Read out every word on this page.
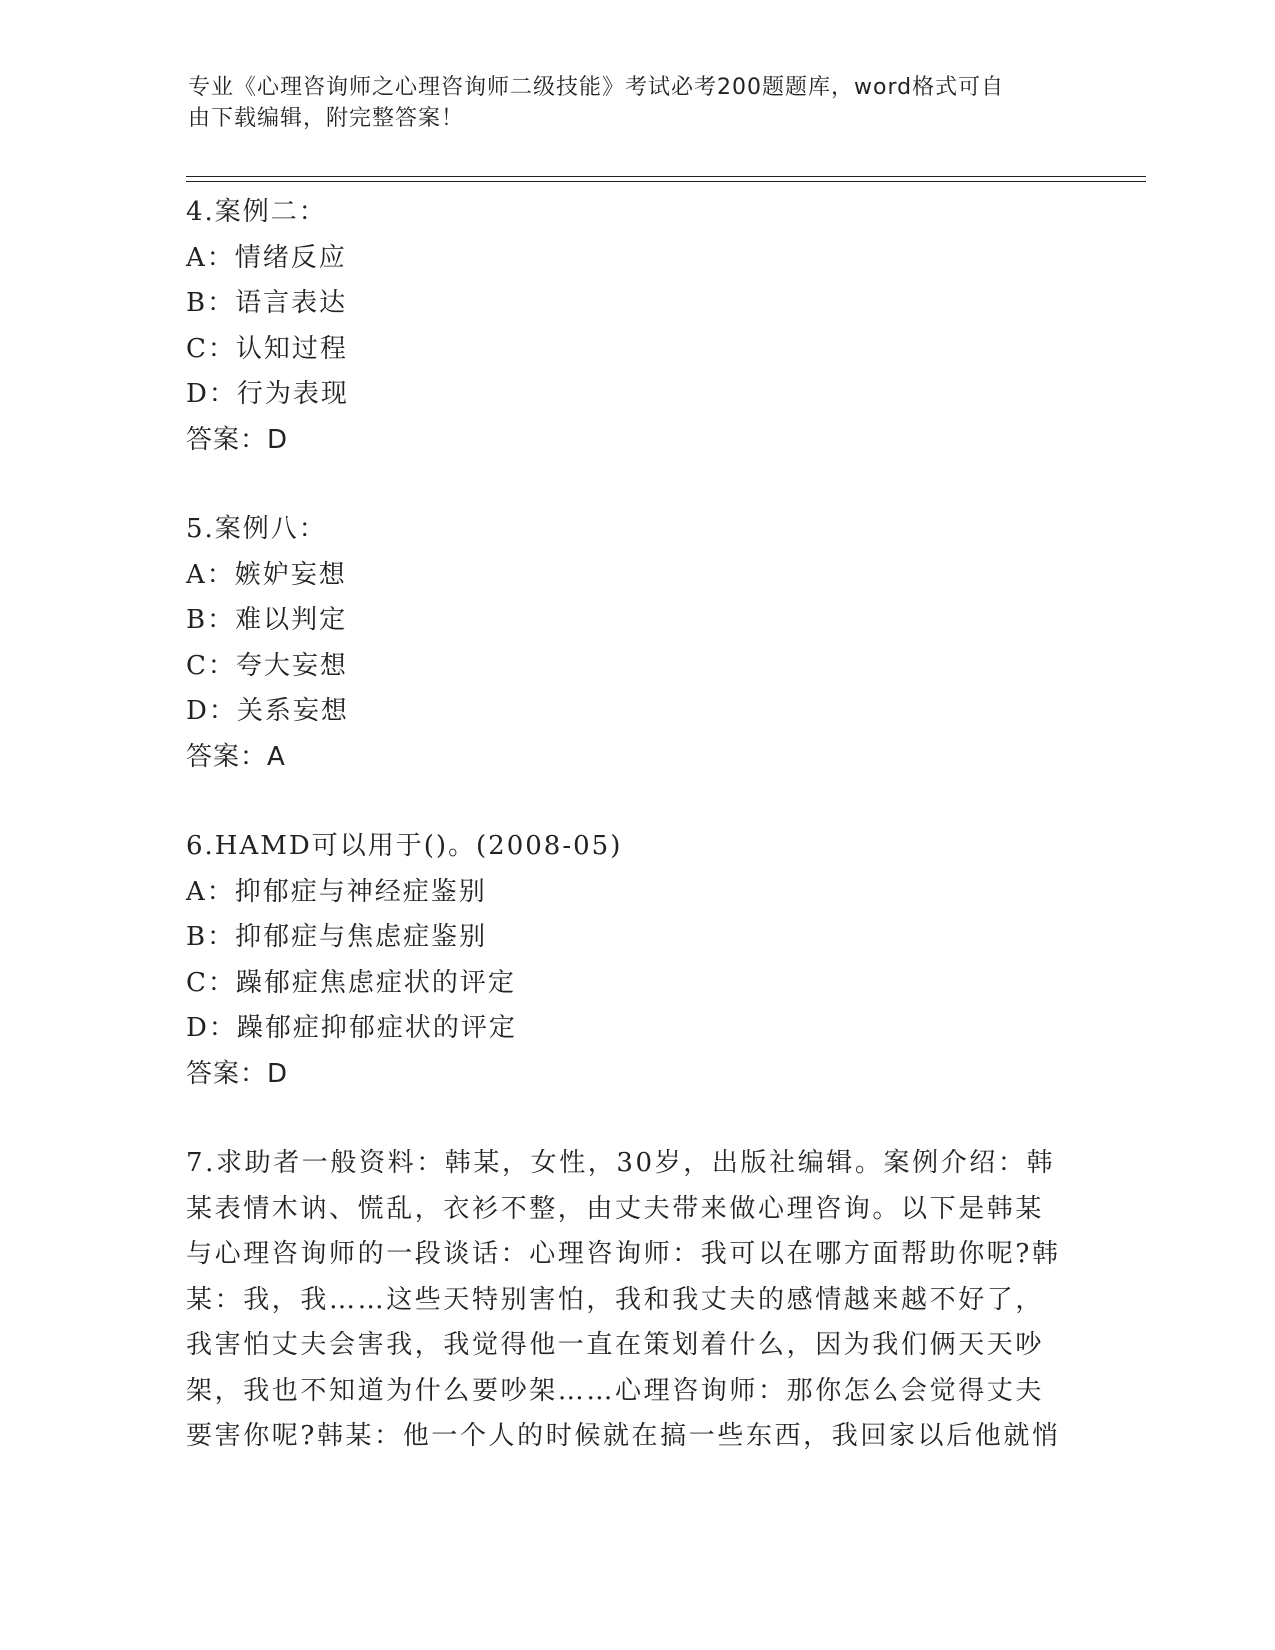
专业《心理咨询师之心理咨询师二级技能》考试必考200题题库，word格式可自
由下载编辑，附完整答案！
4.案例二：
A：情绪反应
B：语言表达
C：认知过程
D：行为表现
答案：D
5.案例八：
A：嫉妒妄想
B：难以判定
C：夸大妄想
D：关系妄想
答案：A
6.HAMD可以用于()。(2008-05)
A：抑郁症与神经症鉴别
B：抑郁症与焦虑症鉴别
C：躁郁症焦虑症状的评定
D：躁郁症抑郁症状的评定
答案：D
7.求助者一般资料：韩某，女性，30岁，出版社编辑。案例介绍：韩某表情木讷、慌乱，衣衫不整，由丈夫带来做心理咨询。以下是韩某与心理咨询师的一段谈话：心理咨询师：我可以在哪方面帮助你呢?韩某：我，我……这些天特别害怕，我和我丈夫的感情越来越不好了，我害怕丈夫会害我，我觉得他一直在策划着什么，因为我们俩天天吵架，我也不知道为什么要吵架……心理咨询师：那你怎么会觉得丈夫要害你呢?韩某：他一个人的时候就在搞一些东西，我回家以后他就悄
